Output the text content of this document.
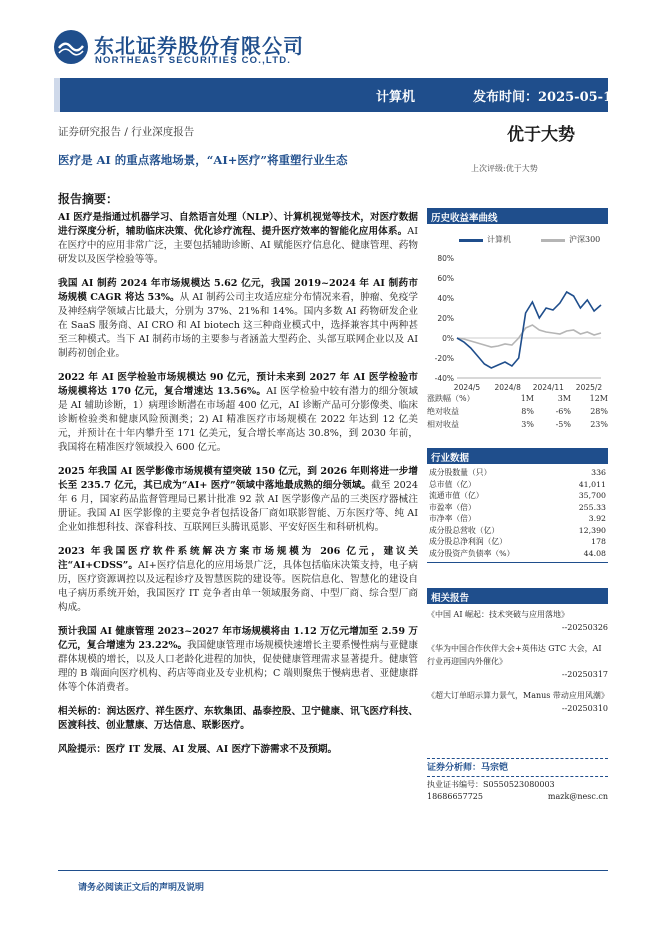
东北证券股份有限公司
NORTHEAST SECURITIES CO.,LTD.
计算机	发布时间：2025-05-11
证券研究报告 / 行业深度报告	优于大势
医疗是 AI 的重点落地场景，“AI+医疗”将重塑行业生态
上次评级:优于大势
报告摘要：
AI 医疗是指通过机器学习、自然语言处理（NLP）、计算机视觉等技术，对医疗数据进行深度分析，辅助临床决策、优化诊疗流程、提升医疗效率的智能化应用体系。AI 在医疗中的应用非常广泛，主要包括辅助诊断、AI 赋能医疗信息化、健康管理、药物研发以及医学检验等等。
我国 AI 制药 2024 年市场规模达 5.62 亿元，我国 2019~2024 年 AI 制药市场规模 CAGR 将达 53%。从 AI 制药公司主攻适应症分布情况来看，肿瘤、免疫学及神经病学领域占比最大，分别为 37%、21%和 14%。国内多数 AI 药物研发企业在 SaaS 服务商、AI CRO 和 AI biotech 这三种商业模式中，选择兼容其中两种甚至三种模式。当下 AI 制药市场的主要参与者涵盖大型药企、头部互联网企业以及 AI 制药初创企业。
2022 年 AI 医学检验市场规模达 90 亿元，预计未来到 2027 年 AI 医学检验市场规模将达 170 亿元，复合增速达 13.56%。AI 医学检验中较有潜力的细分领域是 AI 辅助诊断，1）病理诊断潜在市场超 400 亿元，AI 诊断产品可分影像类、临床诊断检验类和健康风险预测类；2) AI 精准医疗市场规模在 2022 年达到 12 亿美元，并预计在十年内攀升至 171 亿美元，复合增长率高达 30.8%，到 2030 年前，我国将在精准医疗领域投入 600 亿元。
2025 年我国 AI 医学影像市场规模有望突破 150 亿元，到 2026 年则将进一步增长至 235.7 亿元，其已成为“AI+ 医疗”领域中落地最成熟的细分领域。截至 2024 年 6 月，国家药品监督管理局已累计批准 92 款 AI 医学影像产品的三类医疗器械注册证。我国 AI 医学影像的主要竞争者包括设备厂商如联影智能、万东医疗等、纯 AI 企业如推想科技、深睿科技、互联网巨头腾讯觅影、平安好医生和科研机构。
2023 年我国医疗软件系统解决方案市场规模为 206 亿元，建议关注“AI+CDSS”。AI+医疗信息化的应用场景广泛，具体包括临床决策支持，电子病历，医疗资源调控以及远程诊疗及智慧医院的建设等。医院信息化、智慧化的建设自电子病历系统开始，我国医疗 IT 竞争者由单一领域服务商、中型厂商、综合型厂商构成。
预计我国 AI 健康管理 2023~2027 年市场规模将由 1.12 万亿元增加至 2.59 万亿元，复合增速为 23.22%。我国健康管理市场规模快速增长主要系慢性病与亚健康群体规模的增长，以及人口老龄化进程的加快，促使健康管理需求显著提升。健康管理的 B 端面向医疗机构、药店等商业及专业机构；C 端则聚焦于慢病患者、亚健康群体等个体消费者。
相关标的：润达医疗、祥生医疗、东软集团、晶泰控股、卫宁健康、讯飞医疗科技、医渡科技、创业慧康、万达信息、联影医疗。
风险提示：医疗 IT 发展、AI 发展、AI 医疗下游需求不及预期。
历史收益率曲线
计算机	沪深300
80%
60%
40%
20%
0%
-20%
-40%
2024/5 2024/8 2024/11 2025/2
涨跌幅（%）	1M	3M	12M
绝对收益	8%	-6%	28%
相对收益	3%	-5%	23%
行业数据
成分股数量（只）	336
总市值（亿）	41,011
流通市值（亿）	35,700
市盈率（倍）	255.33
市净率（倍）	3.92
成分股总营收（亿）	12,390
成分股总净利润（亿）	178
成分股资产负债率（%）	44.08
相关报告
《中国 AI 崛起：技术突破与应用落地》
--20250326
《华为中国合作伙伴大会+英伟达 GTC 大会，AI 行业再迎国内外催化》
--20250317
《超大订单昭示算力景气，Manus 带动应用风潮》
--20250310
证券分析师：马宗铠
执业证书编号：S0550523080003
18686657725	mazk@nesc.cn
请务必阅读正文后的声明及说明
